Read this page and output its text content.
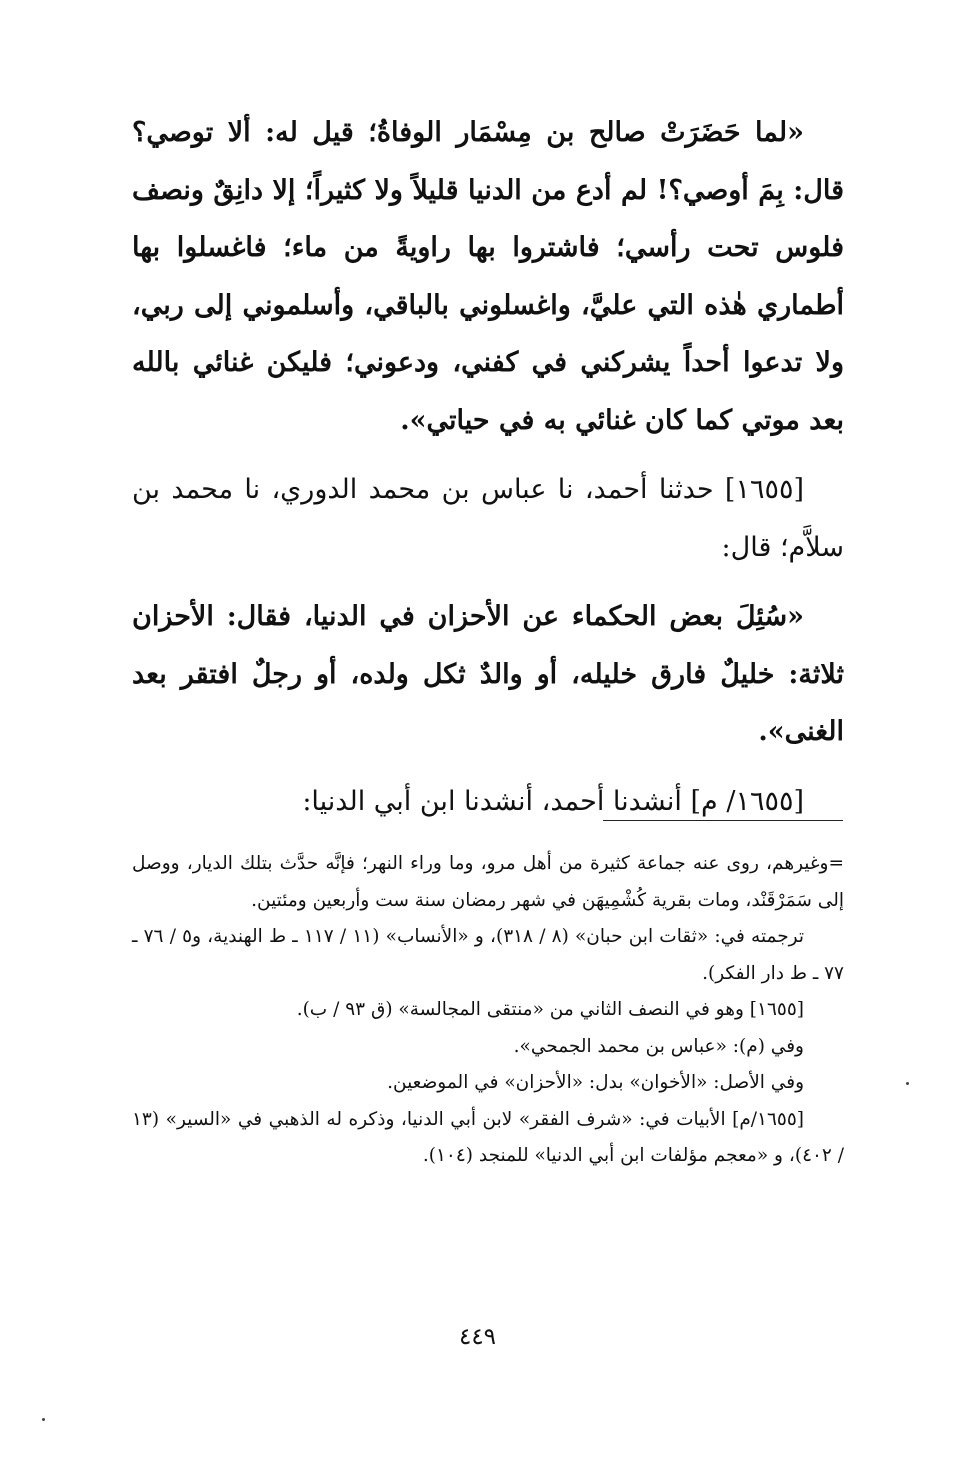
«لما حَضَرَتْ صالح بن مِسْمَار الوفاةُ؛ قيل له: ألا توصي؟ قال: بِمَ أوصي؟! لم أدع من الدنيا قليلاً ولا كثيراً؛ إلا دانِقٌ ونصف فلوس تحت رأسي؛ فاشتروا بها راويةً من ماء؛ فاغسلوا بها أطماري هٰذه التي عليَّ، واغسلوني بالباقي، وأسلموني إلى ربي، ولا تدعوا أحداً يشركني في كفني، ودعوني؛ فليكن غنائي بالله بعد موتي كما كان غنائي به في حياتي».

[١٦٥٥] حدثنا أحمد، نا عباس بن محمد الدوري، نا محمد بن سلاَّم؛ قال:

«سُئِلَ بعض الحكماء عن الأحزان في الدنيا، فقال: الأحزان ثلاثة: خليلٌ فارق خليله، أو والدٌ ثكل ولده، أو رجلٌ افتقر بعد الغنى».

[١٦٥٥/ م] أنشدنا أحمد، أنشدنا ابن أبي الدنيا:

=وغيرهم، روى عنه جماعة كثيرة من أهل مرو، وما وراء النهر؛ فإنَّه حدَّث بتلك الديار، ووصل إلى سَمَرْقَنْد، ومات بقرية كُشْمِيهَن في شهر رمضان سنة ست وأربعين ومئتين.

ترجمته في: «ثقات ابن حبان» (٨ / ٣١٨)، و «الأنساب» (١١ / ١١٧ ـ ط الهندية، و٥ / ٧٦ ـ ٧٧ ـ ط دار الفكر).

[١٦٥٥] وهو في النصف الثاني من «منتقى المجالسة» (ق ٩٣ / ب).

وفي (م): «عباس بن محمد الجمحي».

وفي الأصل: «الأخوان» بدل: «الأحزان» في الموضعين.

[١٦٥٥/م] الأبيات في: «شرف الفقر» لابن أبي الدنيا، وذكره له الذهبي في «السير» (١٣ / ٤٠٢)، و «معجم مؤلفات ابن أبي الدنيا» للمنجد (١٠٤).

٤٤٩
